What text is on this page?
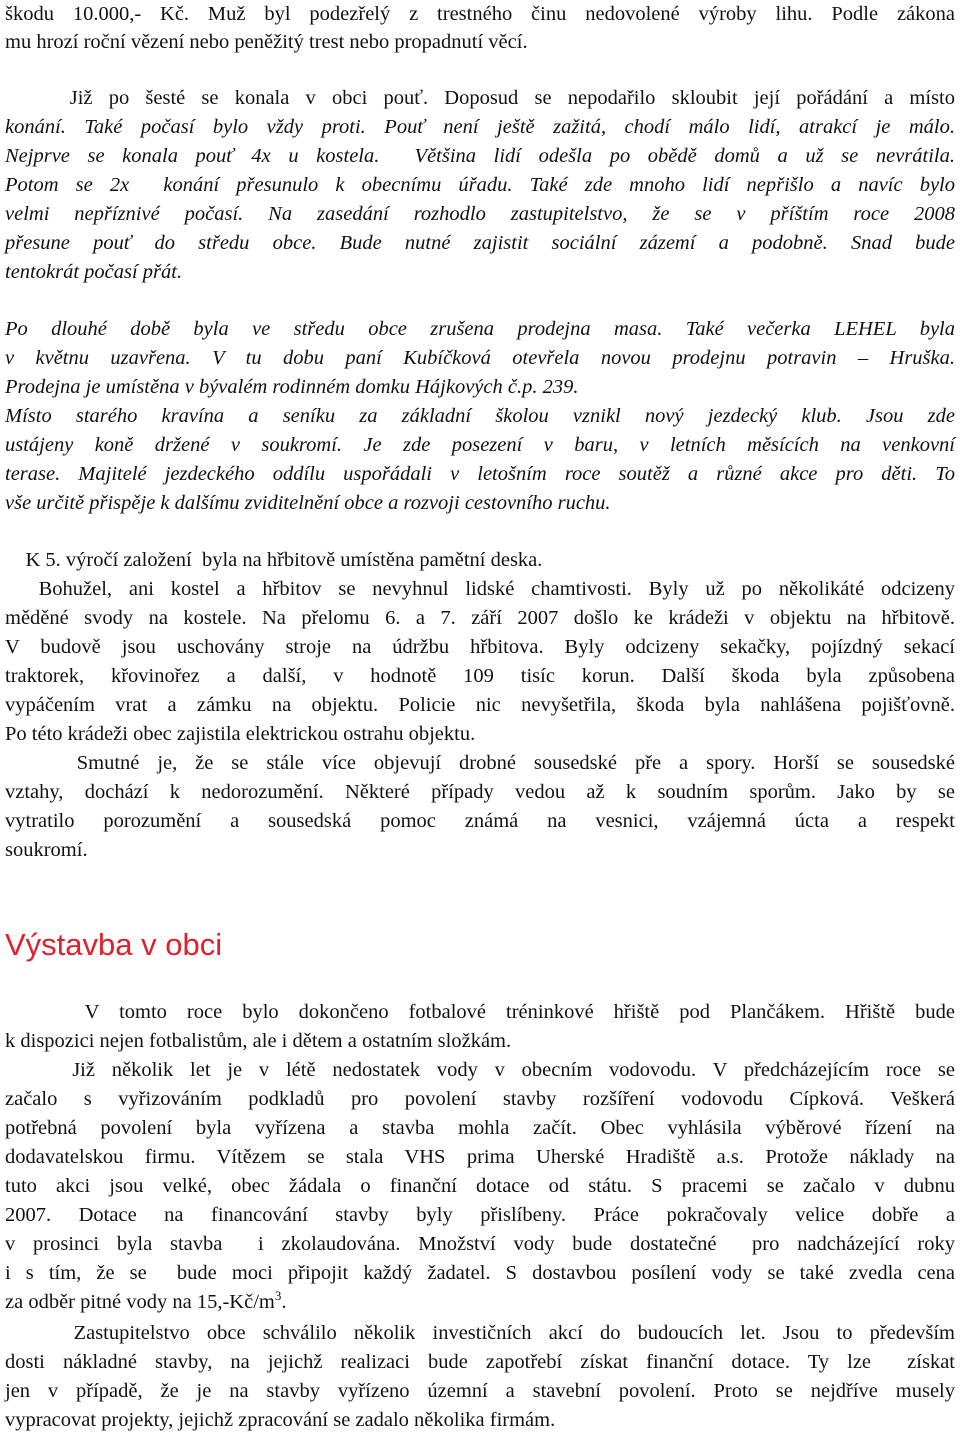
škodu 10.000,- Kč. Muž byl podezřelý z trestného činu nedovolené výroby lihu. Podle zákona
mu hrozí roční vězení nebo peněžitý trest nebo propadnutí věcí.
Již po šesté se konala v obci pouť. Doposud se nepodařilo skloubit její pořádání a místo
konání. Také počasí bylo vždy proti. Pouť není ještě zažitá, chodí málo lidí, atrakcí je málo.
Nejprve se konala pouť 4x u kostela.  Většina lidí odešla po obědě domů a už se nevrátila.
Potom se 2x  konání přesunulo k obecnímu úřadu. Také zde mnoho lidí nepřišlo a navíc bylo
velmi nepříznivé počasí. Na zasedání rozhodlo zastupitelstvo, že se v příštím roce 2008
přesune pouť do středu obce. Bude nutné zajistit sociální zázemí a podobně. Snad bude
tentokrát počasí přát.
Po dlouhé době byla ve středu obce zrušena prodejna masa. Také večerka LEHEL byla
v květnu uzavřena. V tu dobu paní Kubíčková otevřela novou prodejnu potravin – Hruška.
Prodejna je umístěna v bývalém rodinném domku Hájkových č.p. 239.
Místo starého kravína a seníku za základní školou vznikl nový jezdecký klub. Jsou zde
ustájeny koně držené v soukromí. Je zde posezení v baru, v letních měsících na venkovní
terase. Majitelé jezdeckého oddílu uspořádali v letošním roce soutěž a různé akce pro děti. To
vše určitě přispěje k dalšímu zviditelnění obce a rozvoji cestovního ruchu.
K 5. výročí založení  byla na hřbitově umístěna pamětní deska.
Bohužel, ani kostel a hřbitov se nevyhnul lidské chamtivosti. Byly už po několikáté odcizeny
měděné svody na kostele. Na přelomu 6. a 7. září 2007 došlo ke krádeži v objektu na hřbitově.
V budově jsou uschovány stroje na údržbu hřbitova. Byly odcizeny sekačky, pojízdný sekací
traktorek, křovinořez a další, v hodnotě 109 tisíc korun. Další škoda byla způsobena
vypáčením vrat a zámku na objektu. Policie nic nevyšetřila, škoda byla nahlášena pojišťovně.
Po této krádeži obec zajistila elektrickou ostrahu objektu.
Smutné je, že se stále více objevují drobné sousedské pře a spory. Horší se sousedské
vztahy, dochází k nedorozumění. Některé případy vedou až k soudním sporům. Jako by se
vytratilo porozumění a sousedská pomoc známá na vesnici, vzájemná úcta a respekt
soukromí.
Výstavba v obci
V tomto roce bylo dokončeno fotbalové tréninkové hřiště pod Plančákem. Hřiště bude
k dispozici nejen fotbalistům, ale i dětem a ostatním složkám.
Již několik let je v létě nedostatek vody v obecním vodovodu. V předcházejícím roce se
začalo s vyřizováním podkladů pro povolení stavby rozšíření vodovodu Cípková. Veškerá
potřebná povolení byla vyřízena a stavba mohla začít. Obec vyhlásila výběrové řízení na
dodavatelskou firmu. Vítězem se stala VHS prima Uherské Hradiště a.s. Protože náklady na
tuto akci jsou velké, obec žádala o finanční dotace od státu. S pracemi se začalo v dubnu
2007. Dotace na financování stavby byly přislíbeny. Práce pokračovaly velice dobře a
v prosinci byla stavba  i zkolaudována. Množství vody bude dostatečné  pro nadcházející roky
i s tím, že se  bude moci připojit každý žadatel. S dostavbou posílení vody se také zvedla cena
za odběr pitné vody na $15,-Kč/m^3$.
Zastupitelstvo obce schválilo několik investičních akcí do budoucích let. Jsou to především
dosti nákladné stavby, na jejichž realizaci bude zapotřebí získat finanční dotace. Ty lze  získat
jen v případě, že je na stavby vyřízeno územní a stavební povolení. Proto se nejdříve musely
vypracovat projekty, jejichž zpracování se zadalo několika firmám.
